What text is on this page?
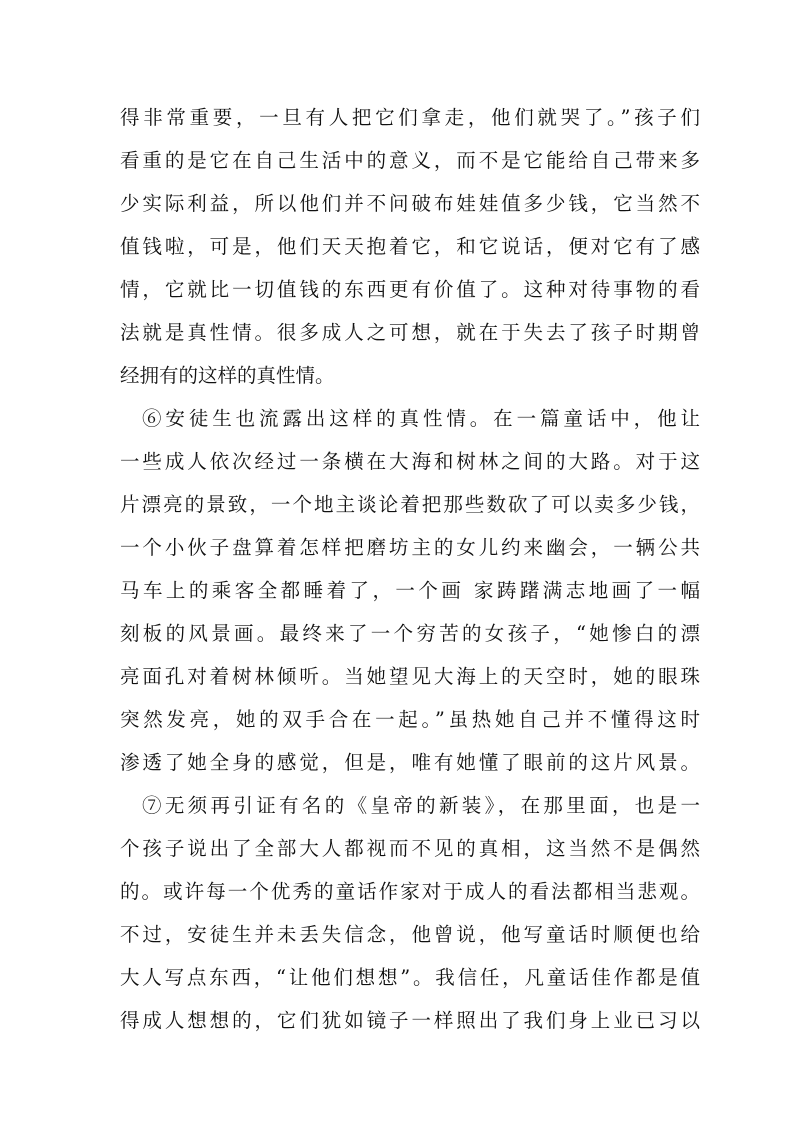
得非常重要，一旦有人把它们拿走，他们就哭了。”孩子们
看重的是它在自己生活中的意义，而不是它能给自己带来多
少实际利益，所以他们并不问破布娃娃值多少钱，它当然不
值钱啦，可是，他们天天抱着它，和它说话，便对它有了感
情，它就比一切值钱的东西更有价值了。这种对待事物的看
法就是真性情。很多成人之可想，就在于失去了孩子时期曾
经拥有的这样的真性情。
⑥安徒生也流露出这样的真性情。在一篇童话中，他让
一些成人依次经过一条横在大海和树林之间的大路。对于这
片漂亮的景致，一个地主谈论着把那些数砍了可以卖多少钱，
一个小伙子盘算着怎样把磨坊主的女儿约来幽会，一辆公共
马车上的乘客全都睡着了，一个画 家踌躇满志地画了一幅
刻板的风景画。最终来了一个穷苦的女孩子，“她惨白的漂
亮面孔对着树林倾听。当她望见大海上的天空时，她的眼珠
突然发亮，她的双手合在一起。”虽热她自己并不懂得这时
渗透了她全身的感觉，但是，唯有她懂了眼前的这片风景。
⑦无须再引证有名的《皇帝的新装》，在那里面，也是一
个孩子说出了全部大人都视而不见的真相，这当然不是偶然
的。或许每一个优秀的童话作家对于成人的看法都相当悲观。
不过，安徒生并未丢失信念，他曾说，他写童话时顺便也给
大人写点东西，“让他们想想”。我信任，凡童话佳作都是值
得成人想想的，它们犹如镜子一样照出了我们身上业已习以
